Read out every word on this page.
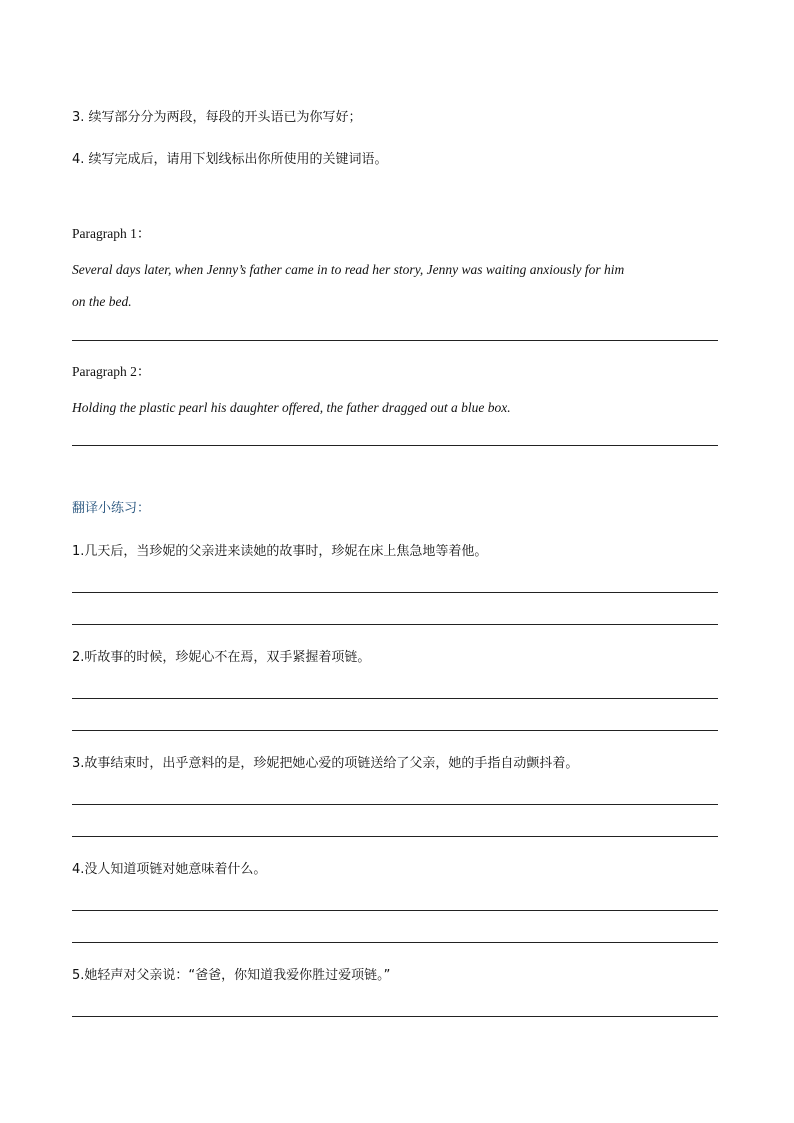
3. 续写部分分为两段，每段的开头语已为你写好；
4. 续写完成后，请用下划线标出你所使用的关键词语。
Paragraph 1：
Several days later, when Jenny’s father came in to read her story, Jenny was waiting anxiously for him
on the bed.
Paragraph 2：
Holding the plastic pearl his daughter offered, the father dragged out a blue box.
翻译小练习：
1.几天后，当珍妮的父亲进来读她的故事时，珍妮在床上焦急地等着他。
2.听故事的时候，珍妮心不在焉，双手紧握着项链。
3.故事结束时，出乎意料的是，珍妮把她心爱的项链送给了父亲，她的手指自动颤抖着。
4.没人知道项链对她意味着什么。
5.她轻声对父亲说：“爸爸，你知道我爱你胜过爱项链。”
